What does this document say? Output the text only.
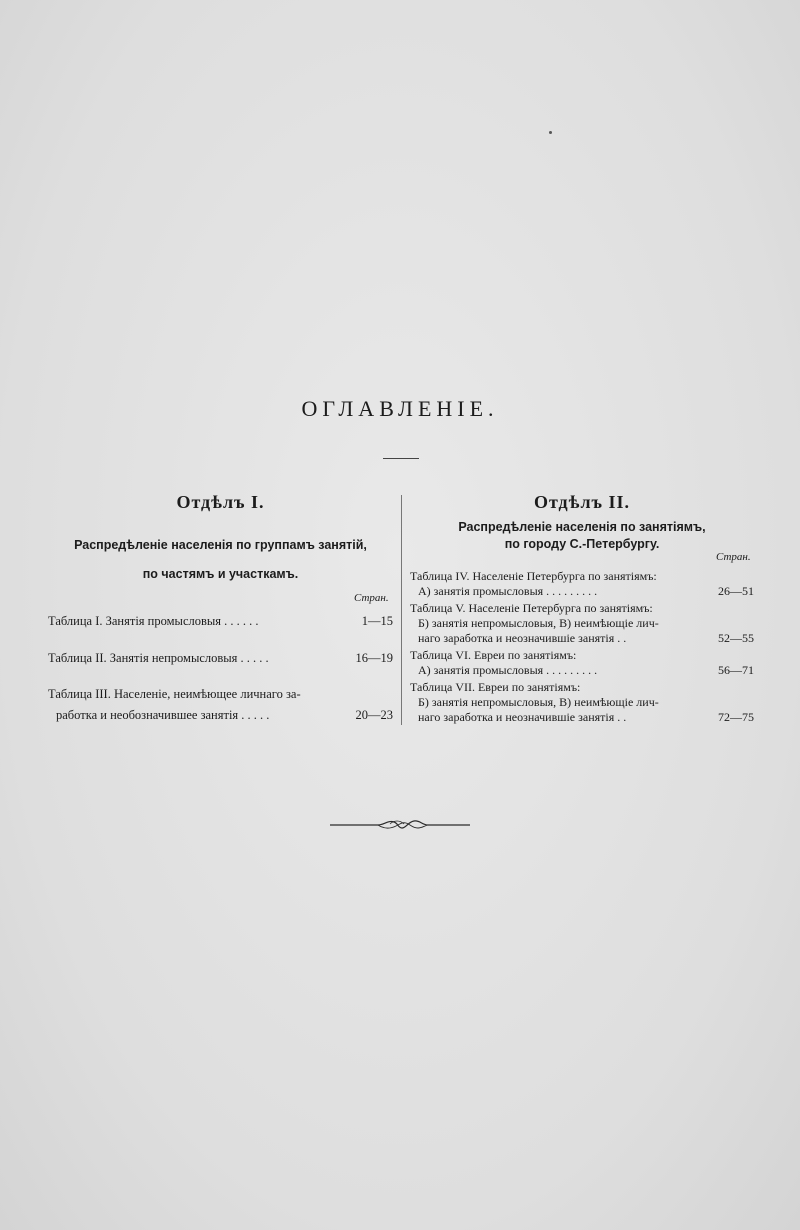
ОГЛАВЛЕНІЕ.
Отдѣлъ I.
Распредѣленіе населенія по группамъ занятій,
по частямъ и участкамъ.
Стран.
Таблица I. Занятія промысловыя . . . . . .	1—15
Таблица II. Занятія непромысловыя . . . . .	16—19
Таблица III. Населеніе, неимѣющее личнаго за-
работка и необозначившее занятія . . . . .	20—23
Отдѣлъ II.
Распредѣленіе населенія по занятіямъ,
по городу С.-Петербургу.
Стран.
Таблица IV. Населеніе Петербурга по занятіямъ:
А) занятія промысловыя . . . . . . . . .	26—51
Таблица V. Населеніе Петербурга по занятіямъ:
Б) занятія непромысловыя, В) неимѣющіе лич-
наго заработка и неозначившіе занятія . .	52—55
Таблица VI. Евреи по занятіямъ:
А) занятія промысловыя . . . . . . . . .	56—71
Таблица VII. Евреи по занятіямъ:
Б) занятія непромысловыя, В) неимѣющіе лич-
наго заработка и неозначившіе занятія . .	72—75
